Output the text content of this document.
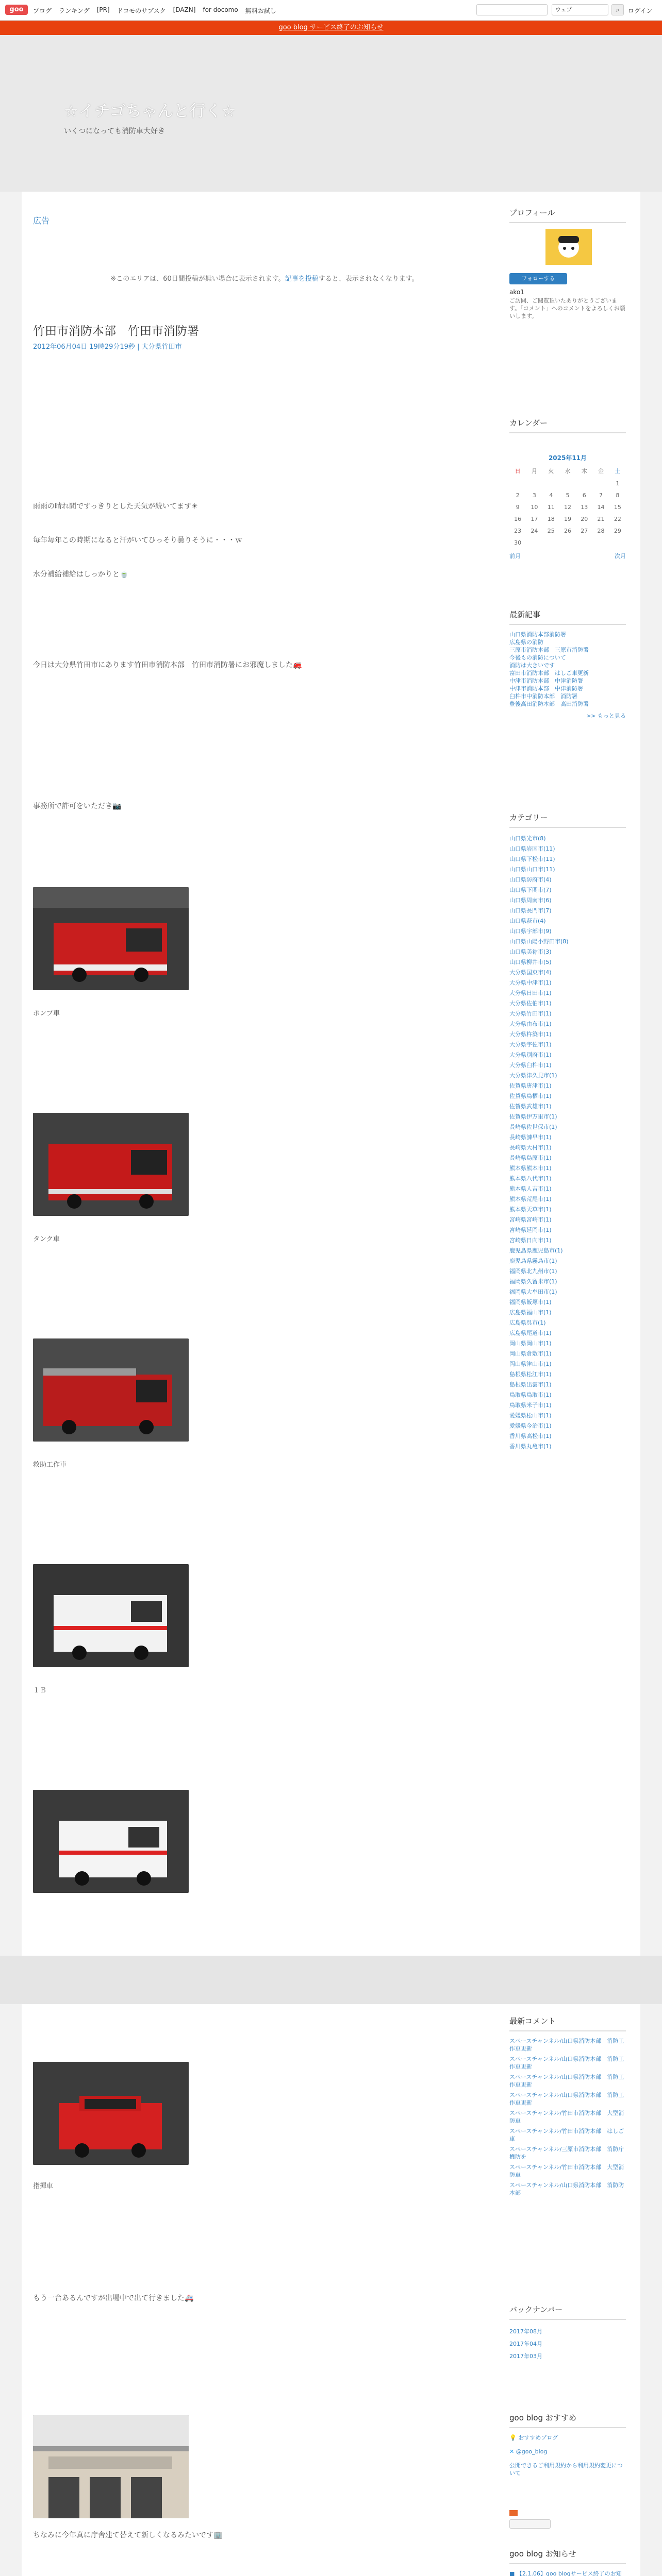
goo	ブログ ランキング [PR] ドコモのサブスク [DAZN] for docomo 無料お試し	ウェブ	⌕	ログイン
goo blog サービス終了のお知らせ
☆イチゴちゃんと行く☆
いくつになっても消防車大好き
広告
※このエリアは、60日間投稿が無い場合に表示されます。記事を投稿すると、表示されなくなります。
竹田市消防本部　竹田市消防署
2012年06月04日 19時29分19秒 | 大分県竹田市
雨雨の晴れ間ですっきりとした天気が続いてます☀
毎年毎年この時期になると汗がいてひっそり曇りそうに・・・ｗ
水分補給補給はしっかりと🍵
今日は大分県竹田市にあります竹田市消防本部　竹田市消防署にお邪魔しました🚒
事務所で許可をいただき📷
ポンプ車
タンク車
救助工作車
１Ｂ
指揮車
もう一台あるんですが出場中で出て行きました🚑
ちなみに今年真に庁舎建て替えて新しくなるみたいです🏢
プロフィール
フォローする
ako1
ご訪問、ご閲覧頂いたありがとうございます。「コメント」へのコメントをよろしくお願いします。
カレンダー
2025年11月
日	月	火	水	木	金	土
						1
2	3	4	5	6	7	8
9	10	11	12	13	14	15
16	17	18	19	20	21	22
23	24	25	26	27	28	29
30						
前月	次月
最新記事
山口県消防本部消防署
広島県の消防
三原市消防本部　三原市消防署
今後もの消防について
消防は大きいです
富田市消防本部　はしご車更新
中津市消防本部　中津消防署
中津市消防本部　中津消防署
臼杵市中消防本部　消防署
豊後高田消防本部　高田消防署
>> もっと見る
カテゴリー
山口県光市(8)
山口県岩国市(11)
山口県下松市(11)
山口県山口市(11)
山口県防府市(4)
山口県下関市(7)
山口県周南市(6)
山口県長門市(7)
山口県萩市(4)
山口県宇部市(9)
山口県山陽小野田市(8)
山口県美祢市(3)
山口県柳井市(5)
大分県国東市(4)
大分県中津市(1)
大分県日田市(1)
大分県佐伯市(1)
大分県竹田市(1)
大分県由布市(1)
大分県杵築市(1)
大分県宇佐市(1)
大分県別府市(1)
大分県臼杵市(1)
大分県津久見市(1)
佐賀県唐津市(1)
佐賀県鳥栖市(1)
佐賀県武雄市(1)
佐賀県伊万里市(1)
長崎県佐世保市(1)
長崎県諫早市(1)
長崎県大村市(1)
長崎県島原市(1)
熊本県熊本市(1)
熊本県八代市(1)
熊本県人吉市(1)
熊本県荒尾市(1)
熊本県天草市(1)
宮崎県宮崎市(1)
宮崎県延岡市(1)
宮崎県日向市(1)
鹿児島県鹿児島市(1)
鹿児島県霧島市(1)
福岡県北九州市(1)
福岡県久留米市(1)
福岡県大牟田市(1)
福岡県飯塚市(1)
広島県福山市(1)
広島県呉市(1)
広島県尾道市(1)
岡山県岡山市(1)
岡山県倉敷市(1)
岡山県津山市(1)
島根県松江市(1)
島根県出雲市(1)
鳥取県鳥取市(1)
鳥取県米子市(1)
愛媛県松山市(1)
愛媛県今治市(1)
香川県高松市(1)
香川県丸亀市(1)
最新コメント
スペースチャンネル/山口県消防本部　消防工作車更新
スペースチャンネル/山口県消防本部　消防工作車更新
スペースチャンネル/山口県消防本部　消防工作車更新
スペースチャンネル/山口県消防本部　消防工作車更新
スペースチャンネル/竹田市消防本部　大型消防車
スペースチャンネル/竹田市消防本部　はしご車
スペースチャンネル/三原市消防本部　消防庁機防を
スペースチャンネル/竹田市消防本部　大型消防車
スペースチャンネル/山口県消防本部　消防防本部
バックナンバー
2017年08月
2017年04月
2017年03月
goo blog おすすめ
💡 おすすめブログ
✕ @goo_blog
公開できるご利用規約から利用規約変更について
goo blog お知らせ
■ 【2.1.06】goo blogサービス終了のお知
